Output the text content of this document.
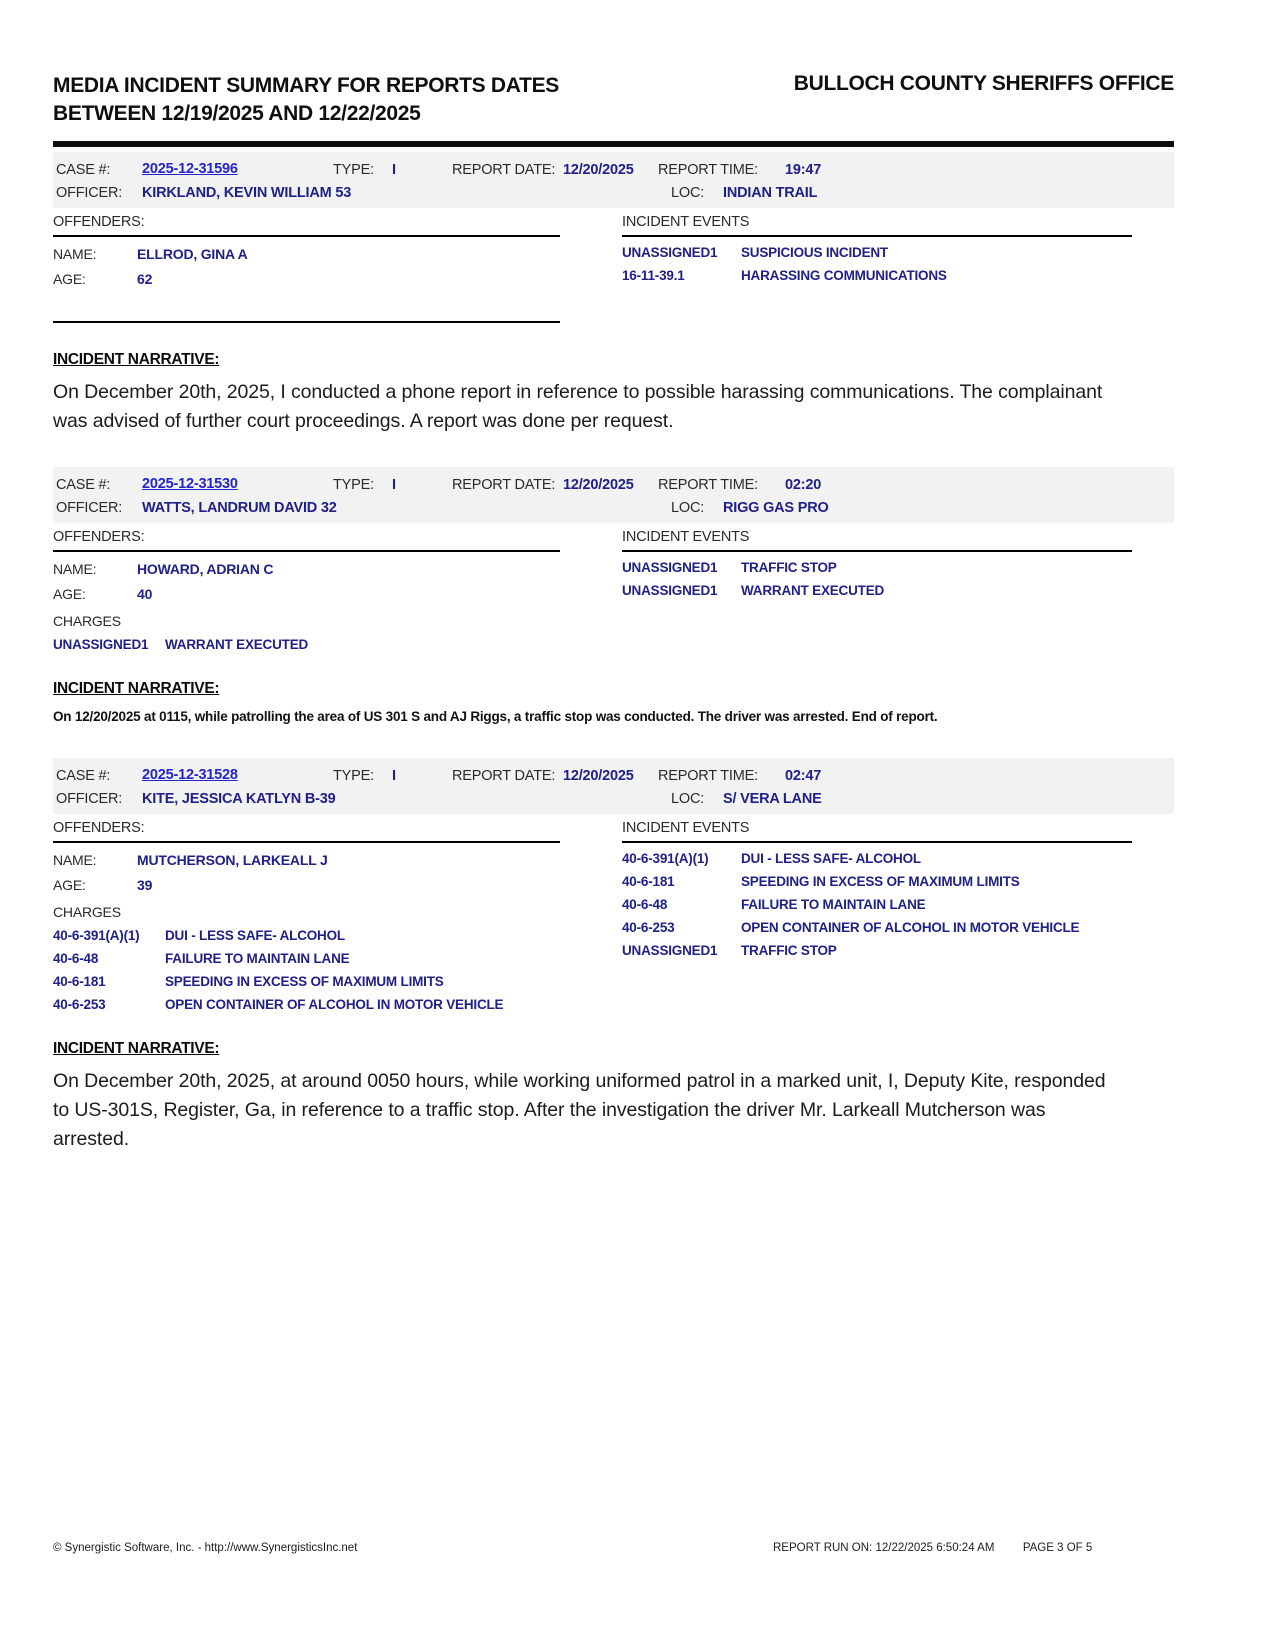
MEDIA INCIDENT SUMMARY FOR REPORTS DATES
BETWEEN 12/19/2025 AND 12/22/2025
BULLOCH COUNTY SHERIFFS OFFICE
CASE #: 2025-12-31596	TYPE: I	REPORT DATE: 12/20/2025 REPORT TIME: 19:47
OFFICER: KIRKLAND, KEVIN WILLIAM 53	LOC: INDIAN TRAIL
OFFENDERS:
NAME:	ELLROD, GINA A
AGE:	62
INCIDENT EVENTS
UNASSIGNED1	SUSPICIOUS INCIDENT
16-11-39.1	HARASSING COMMUNICATIONS
INCIDENT NARRATIVE:

On December 20th, 2025, I conducted a phone report in reference to possible harassing communications. The complainant was advised of further court proceedings. A report was done per request.

CASE #: 2025-12-31530	TYPE: I	REPORT DATE: 12/20/2025 REPORT TIME: 02:20
OFFICER: WATTS, LANDRUM DAVID 32	LOC: RIGG GAS PRO
OFFENDERS:
NAME:	HOWARD, ADRIAN C
AGE:	40
CHARGES
UNASSIGNED1	WARRANT EXECUTED
INCIDENT EVENTS
UNASSIGNED1	TRAFFIC STOP
UNASSIGNED1	WARRANT EXECUTED
INCIDENT NARRATIVE:

On 12/20/2025 at 0115, while patrolling the area of US 301 S and AJ Riggs, a traffic stop was conducted. The driver was arrested. End of report.

CASE #: 2025-12-31528	TYPE: I	REPORT DATE: 12/20/2025 REPORT TIME: 02:47
OFFICER: KITE, JESSICA KATLYN B-39	LOC: S/ VERA LANE
OFFENDERS:
NAME:	MUTCHERSON, LARKEALL J
AGE:	39
CHARGES
40-6-391(A)(1)	DUI - LESS SAFE- ALCOHOL
40-6-48	FAILURE TO MAINTAIN LANE
40-6-181	SPEEDING IN EXCESS OF MAXIMUM LIMITS
40-6-253	OPEN CONTAINER OF ALCOHOL IN MOTOR VEHICLE
INCIDENT EVENTS
40-6-391(A)(1)	DUI - LESS SAFE- ALCOHOL
40-6-181	SPEEDING IN EXCESS OF MAXIMUM LIMITS
40-6-48	FAILURE TO MAINTAIN LANE
40-6-253	OPEN CONTAINER OF ALCOHOL IN MOTOR VEHICLE
UNASSIGNED1	TRAFFIC STOP
INCIDENT NARRATIVE:

On December 20th, 2025, at around 0050 hours, while working uniformed patrol in a marked unit, I, Deputy Kite, responded to US-301S, Register, Ga, in reference to a traffic stop. After the investigation the driver Mr. Larkeall Mutcherson was arrested.

© Synergistic Software, Inc. - http://www.SynergisticsInc.net	REPORT RUN ON: 12/22/2025 6:50:24 AM PAGE 3 OF 5
